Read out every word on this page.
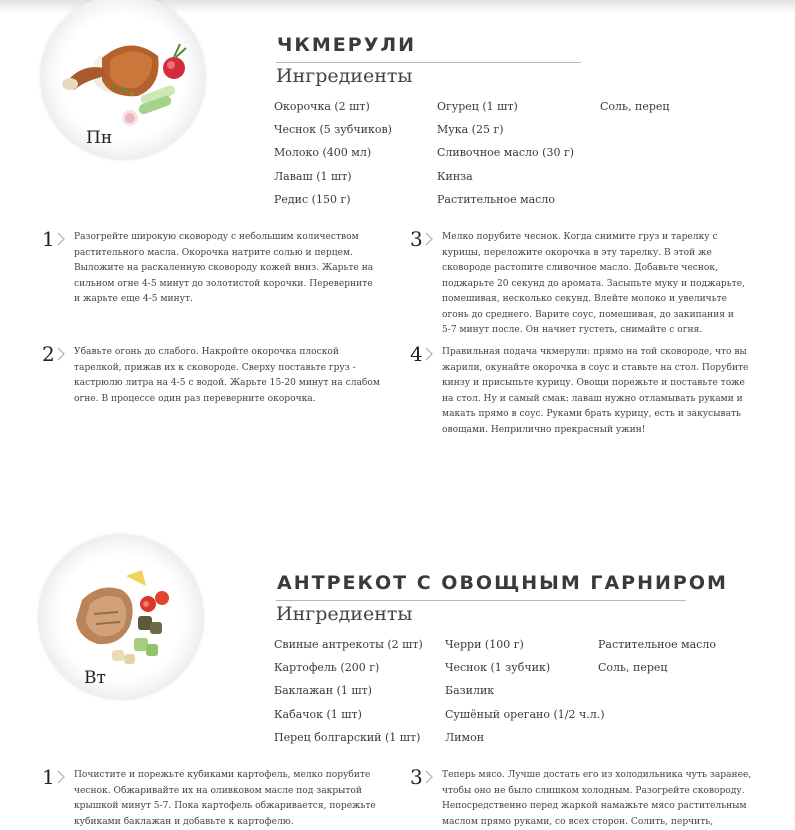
Пн
ЧКМЕРУЛИ
Ингредиенты
Окорочка (2 шт)
Чеснок (5 зубчиков)
Молоко (400 мл)
Лаваш (1 шт)
Редис (150 г)
Огурец (1 шт)
Мука (25 г)
Сливочное масло (30 г)
Кинза
Растительное масло
Соль, перец
1 Разогрейте широкую сковороду с небольшим количеством
растительного масла. Окорочка натрите солью и перцем.
Выложите на раскаленную сковороду кожей вниз. Жарьте на
сильном огне 4-5 минут до золотистой корочки. Переверните
и жарьте еще 4-5 минут.
2 Убавьте огонь до слабого. Накройте окорочка плоской
тарелкой, прижав их к сковороде. Сверху поставьте груз -
кастрюлю литра на 4-5 с водой. Жарьте 15-20 минут на слабом
огне. В процессе один раз переверните окорочка.
3 Мелко порубите чеснок. Когда снимите груз и тарелку с
курицы, переложите окорочка в эту тарелку. В этой же
сковороде растопите сливочное масло. Добавьте чеснок,
поджарьте 20 секунд до аромата. Засыпьте муку и поджарьте,
помешивая, несколько секунд. Влейте молоко и увеличьте
огонь до среднего. Варите соус, помешивая, до закипания и
5-7 минут после. Он начнет густеть, снимайте с огня.
4 Правильная подача чкмерули: прямо на той сковороде, что вы
жарили, окунайте окорочка в соус и ставьте на стол. Порубите
кинзу и присыпьте курицу. Овощи порежьте и поставьте тоже
на стол. Ну и самый смак: лаваш нужно отламывать руками и
макать прямо в соус. Руками брать курицу, есть и закусывать
овощами. Неприлично прекрасный ужин!
Вт
АНТРЕКОТ С ОВОЩНЫМ ГАРНИРОМ
Ингредиенты
Свиные антрекоты (2 шт)
Картофель (200 г)
Баклажан (1 шт)
Кабачок (1 шт)
Перец болгарский (1 шт)
Черри (100 г)
Чеснок (1 зубчик)
Базилик
Сушёный орегано (1/2 ч.л.)
Лимон
Растительное масло
Соль, перец
1 Почистите и порежьте кубиками картофель, мелко порубите
чеснок. Обжаривайте их на оливковом масле под закрытой
крышкой минут 5-7. Пока картофель обжаривается, порежьте
кубиками баклажан и добавьте к картофелю.
3 Теперь мясо. Лучше достать его из холодильника чуть заранее,
чтобы оно не было слишком холодным. Разогрейте сковороду.
Непосредственно перед жаркой намажьте мясо растительным
маслом прямо руками, со всех сторон. Солить, перчить,
